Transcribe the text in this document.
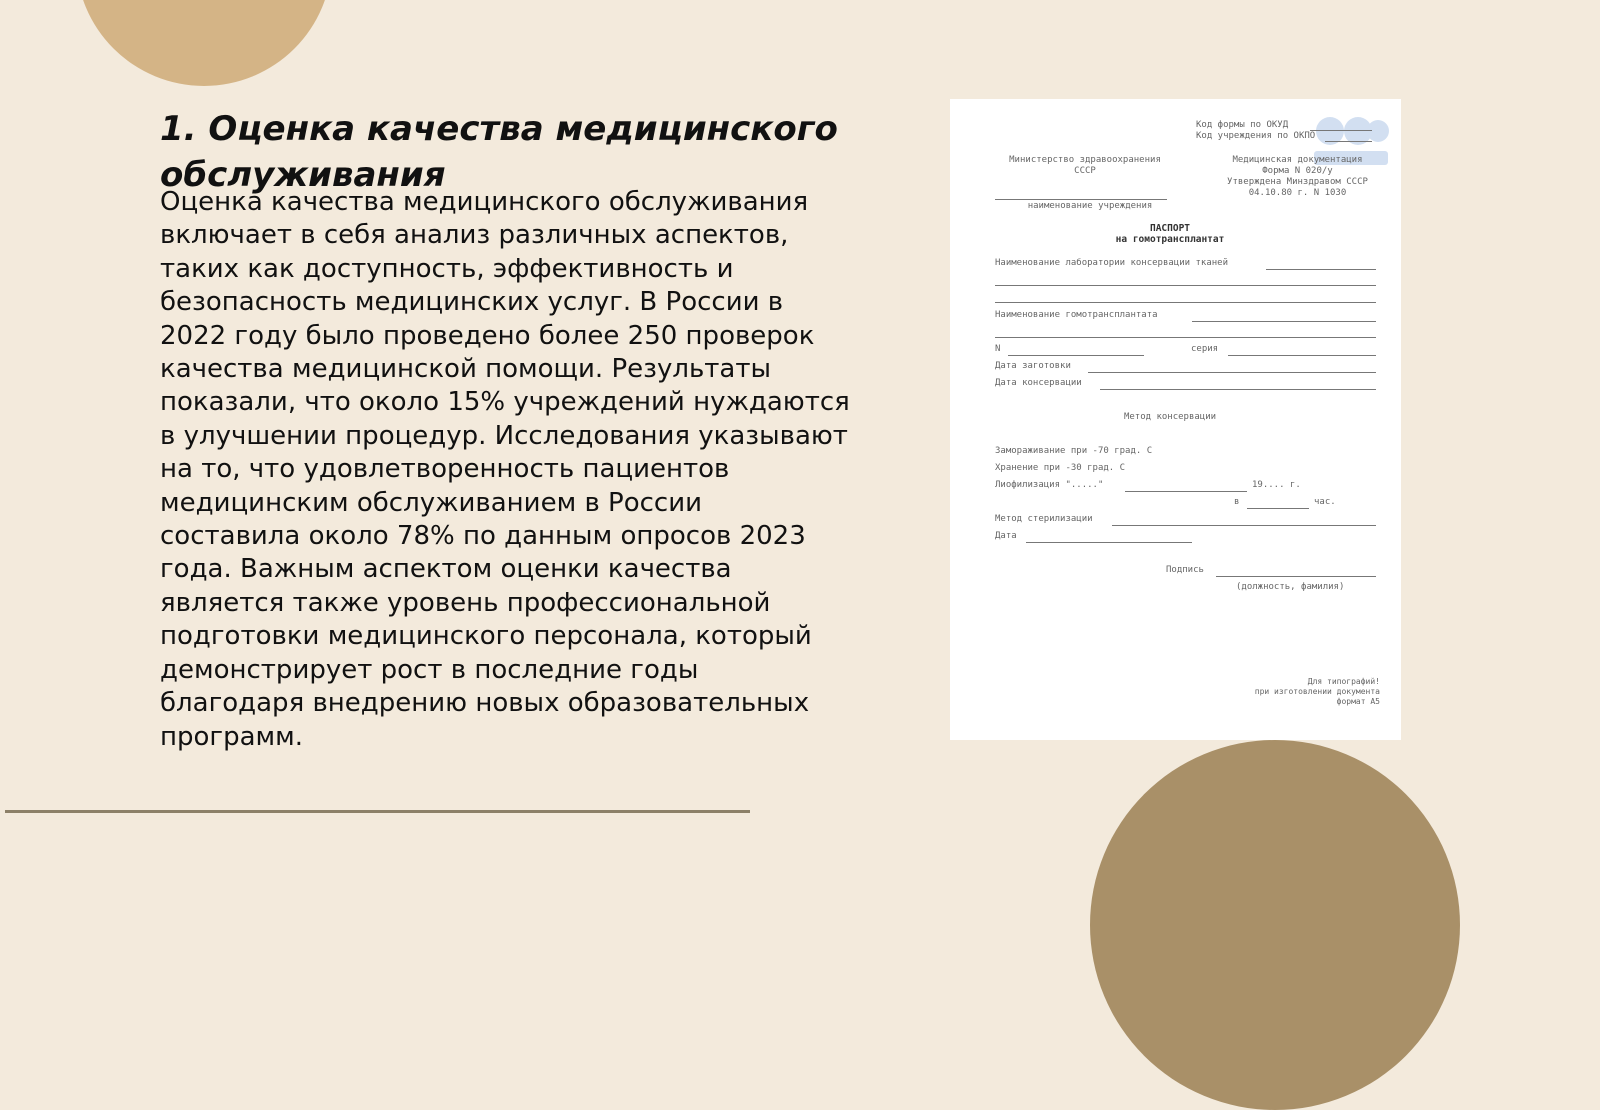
1. Оценка качества медицинского обслуживания

Оценка качества медицинского обслуживания включает в себя анализ различных аспектов, таких как доступность, эффективность и безопасность медицинских услуг. В России в 2022 году было проведено более 250 проверок качества медицинской помощи. Результаты показали, что около 15% учреждений нуждаются в улучшении процедур. Исследования указывают на то, что удовлетворенность пациентов медицинским обслуживанием в России составила около 78% по данным опросов 2023 года. Важным аспектом оценки качества является также уровень профессиональной подготовки медицинского персонала, который демонстрирует рост в последние годы благодаря внедрению новых образовательных программ.

Код формы по ОКУД
Код учреждения по ОКПО
Министерство здравоохранения
СССР
Медицинская документация
Форма N 020/у
Утверждена Минздравом СССР
04.10.80 г. N 1030
наименование учреждения
ПАСПОРТ
на гомотрансплантат
Наименование лаборатории консервации тканей
Наименование гомотрансплантата
N	серия
Дата заготовки
Дата консервации
Метод консервации
Замораживание при -70 град. С
Хранение при -30 град. С
Лиофилизация "....."	19.... г.
в	час.
Метод стерилизации
Дата
Подпись
(должность, фамилия)
Для типографий!
при изготовлении документа
формат А5
